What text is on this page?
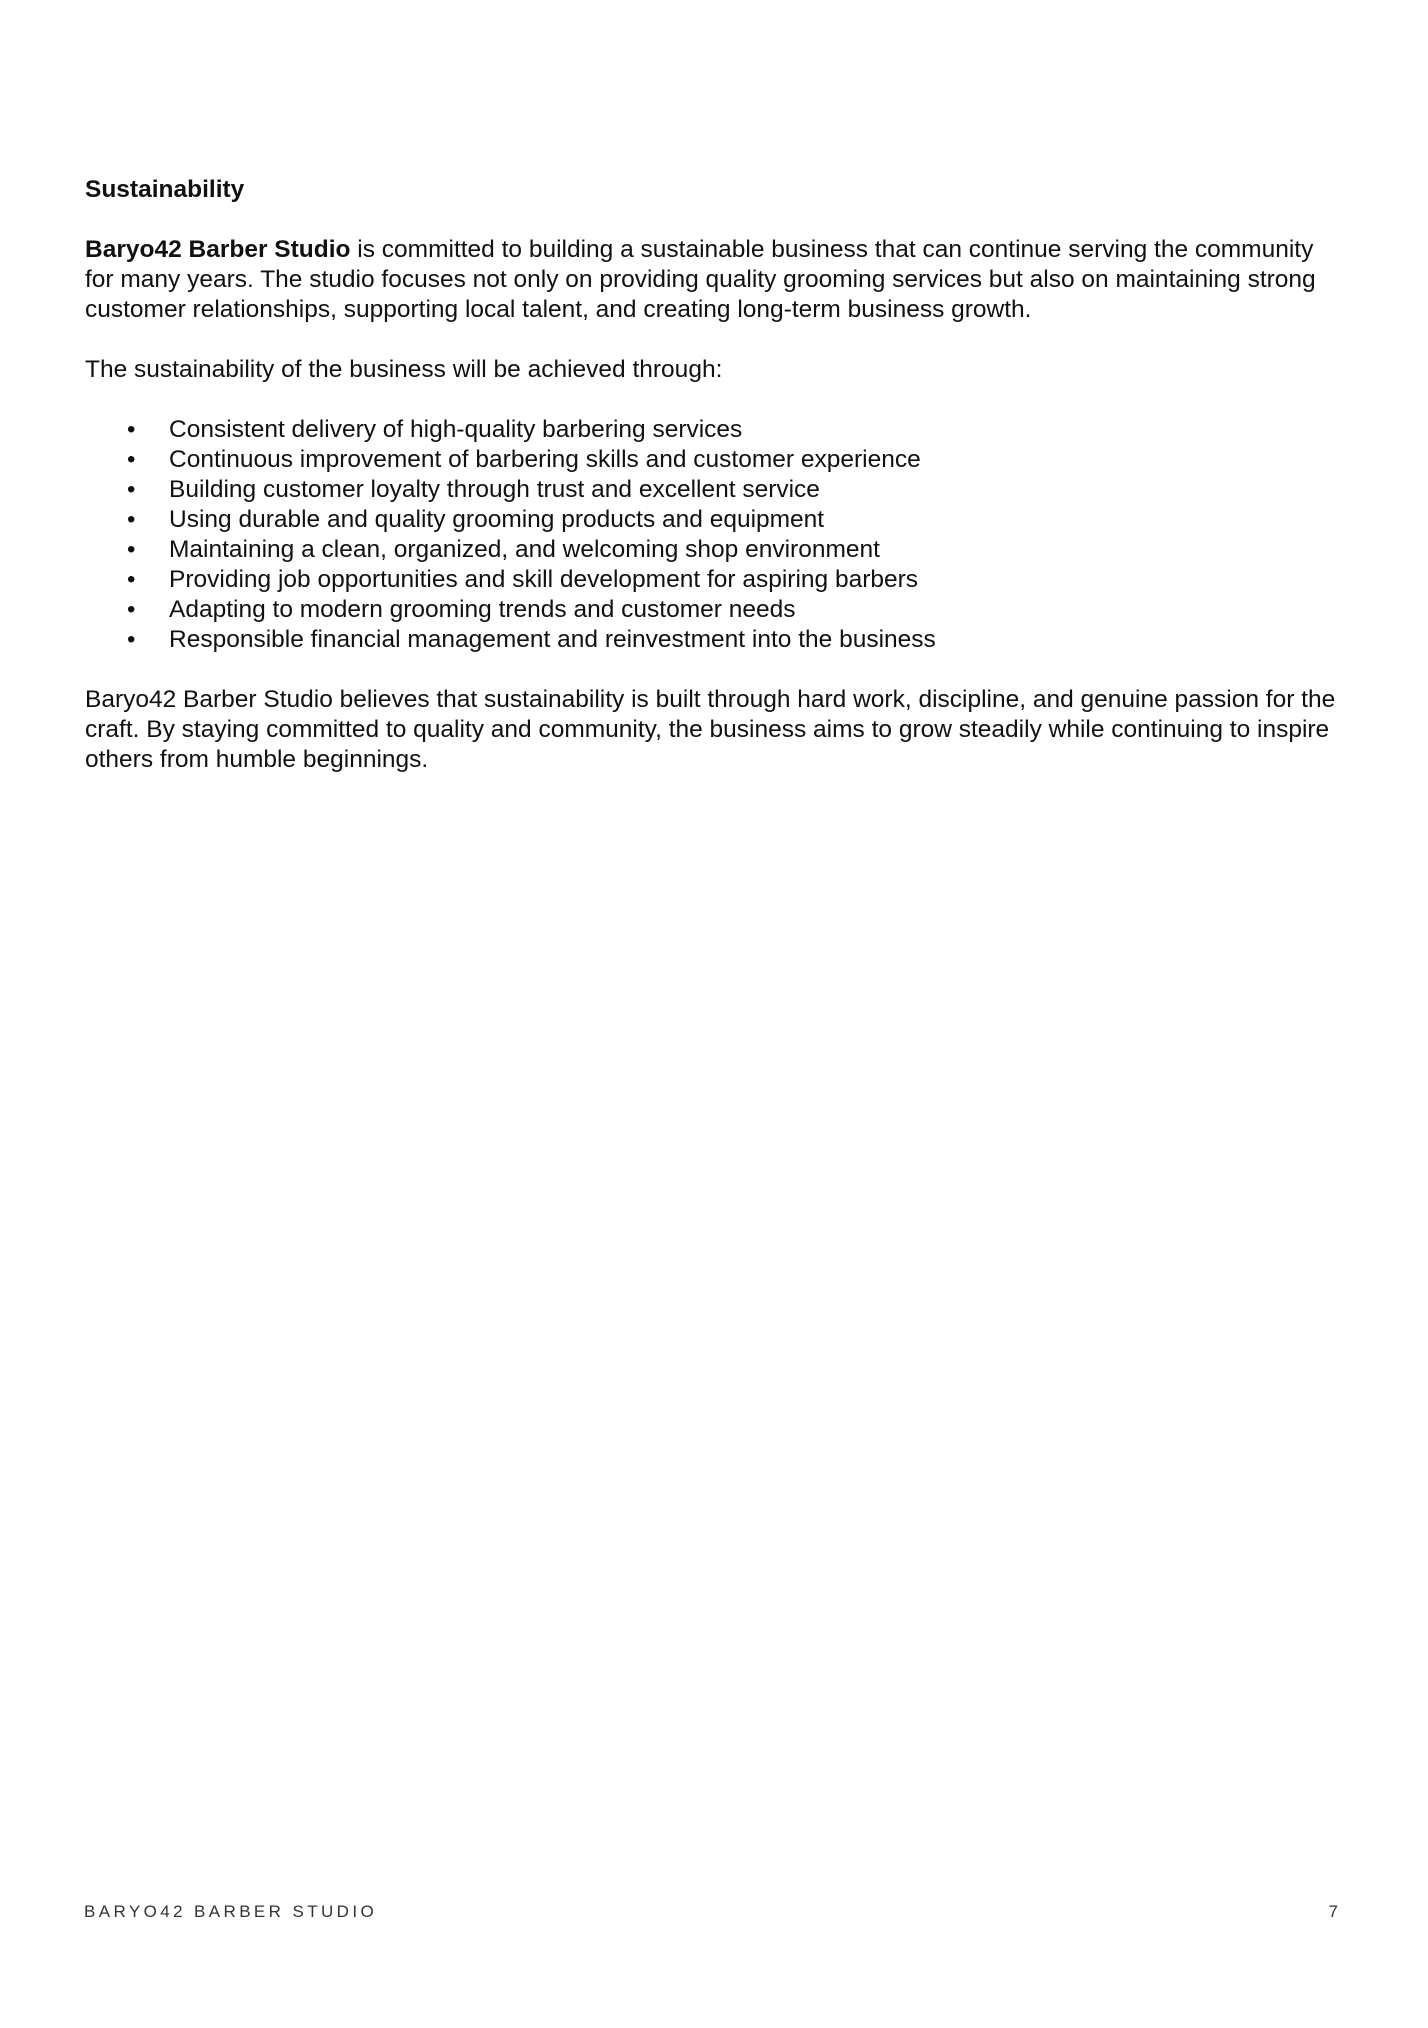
Sustainability

Baryo42 Barber Studio is committed to building a sustainable business that can continue serving the community for many years. The studio focuses not only on providing quality grooming services but also on maintaining strong customer relationships, supporting local talent, and creating long-term business growth.

The sustainability of the business will be achieved through:

• Consistent delivery of high-quality barbering services
• Continuous improvement of barbering skills and customer experience
• Building customer loyalty through trust and excellent service
• Using durable and quality grooming products and equipment
• Maintaining a clean, organized, and welcoming shop environment
• Providing job opportunities and skill development for aspiring barbers
• Adapting to modern grooming trends and customer needs
• Responsible financial management and reinvestment into the business

Baryo42 Barber Studio believes that sustainability is built through hard work, discipline, and genuine passion for the craft. By staying committed to quality and community, the business aims to grow steadily while continuing to inspire others from humble beginnings.

BARYO42 BARBER STUDIO	7
